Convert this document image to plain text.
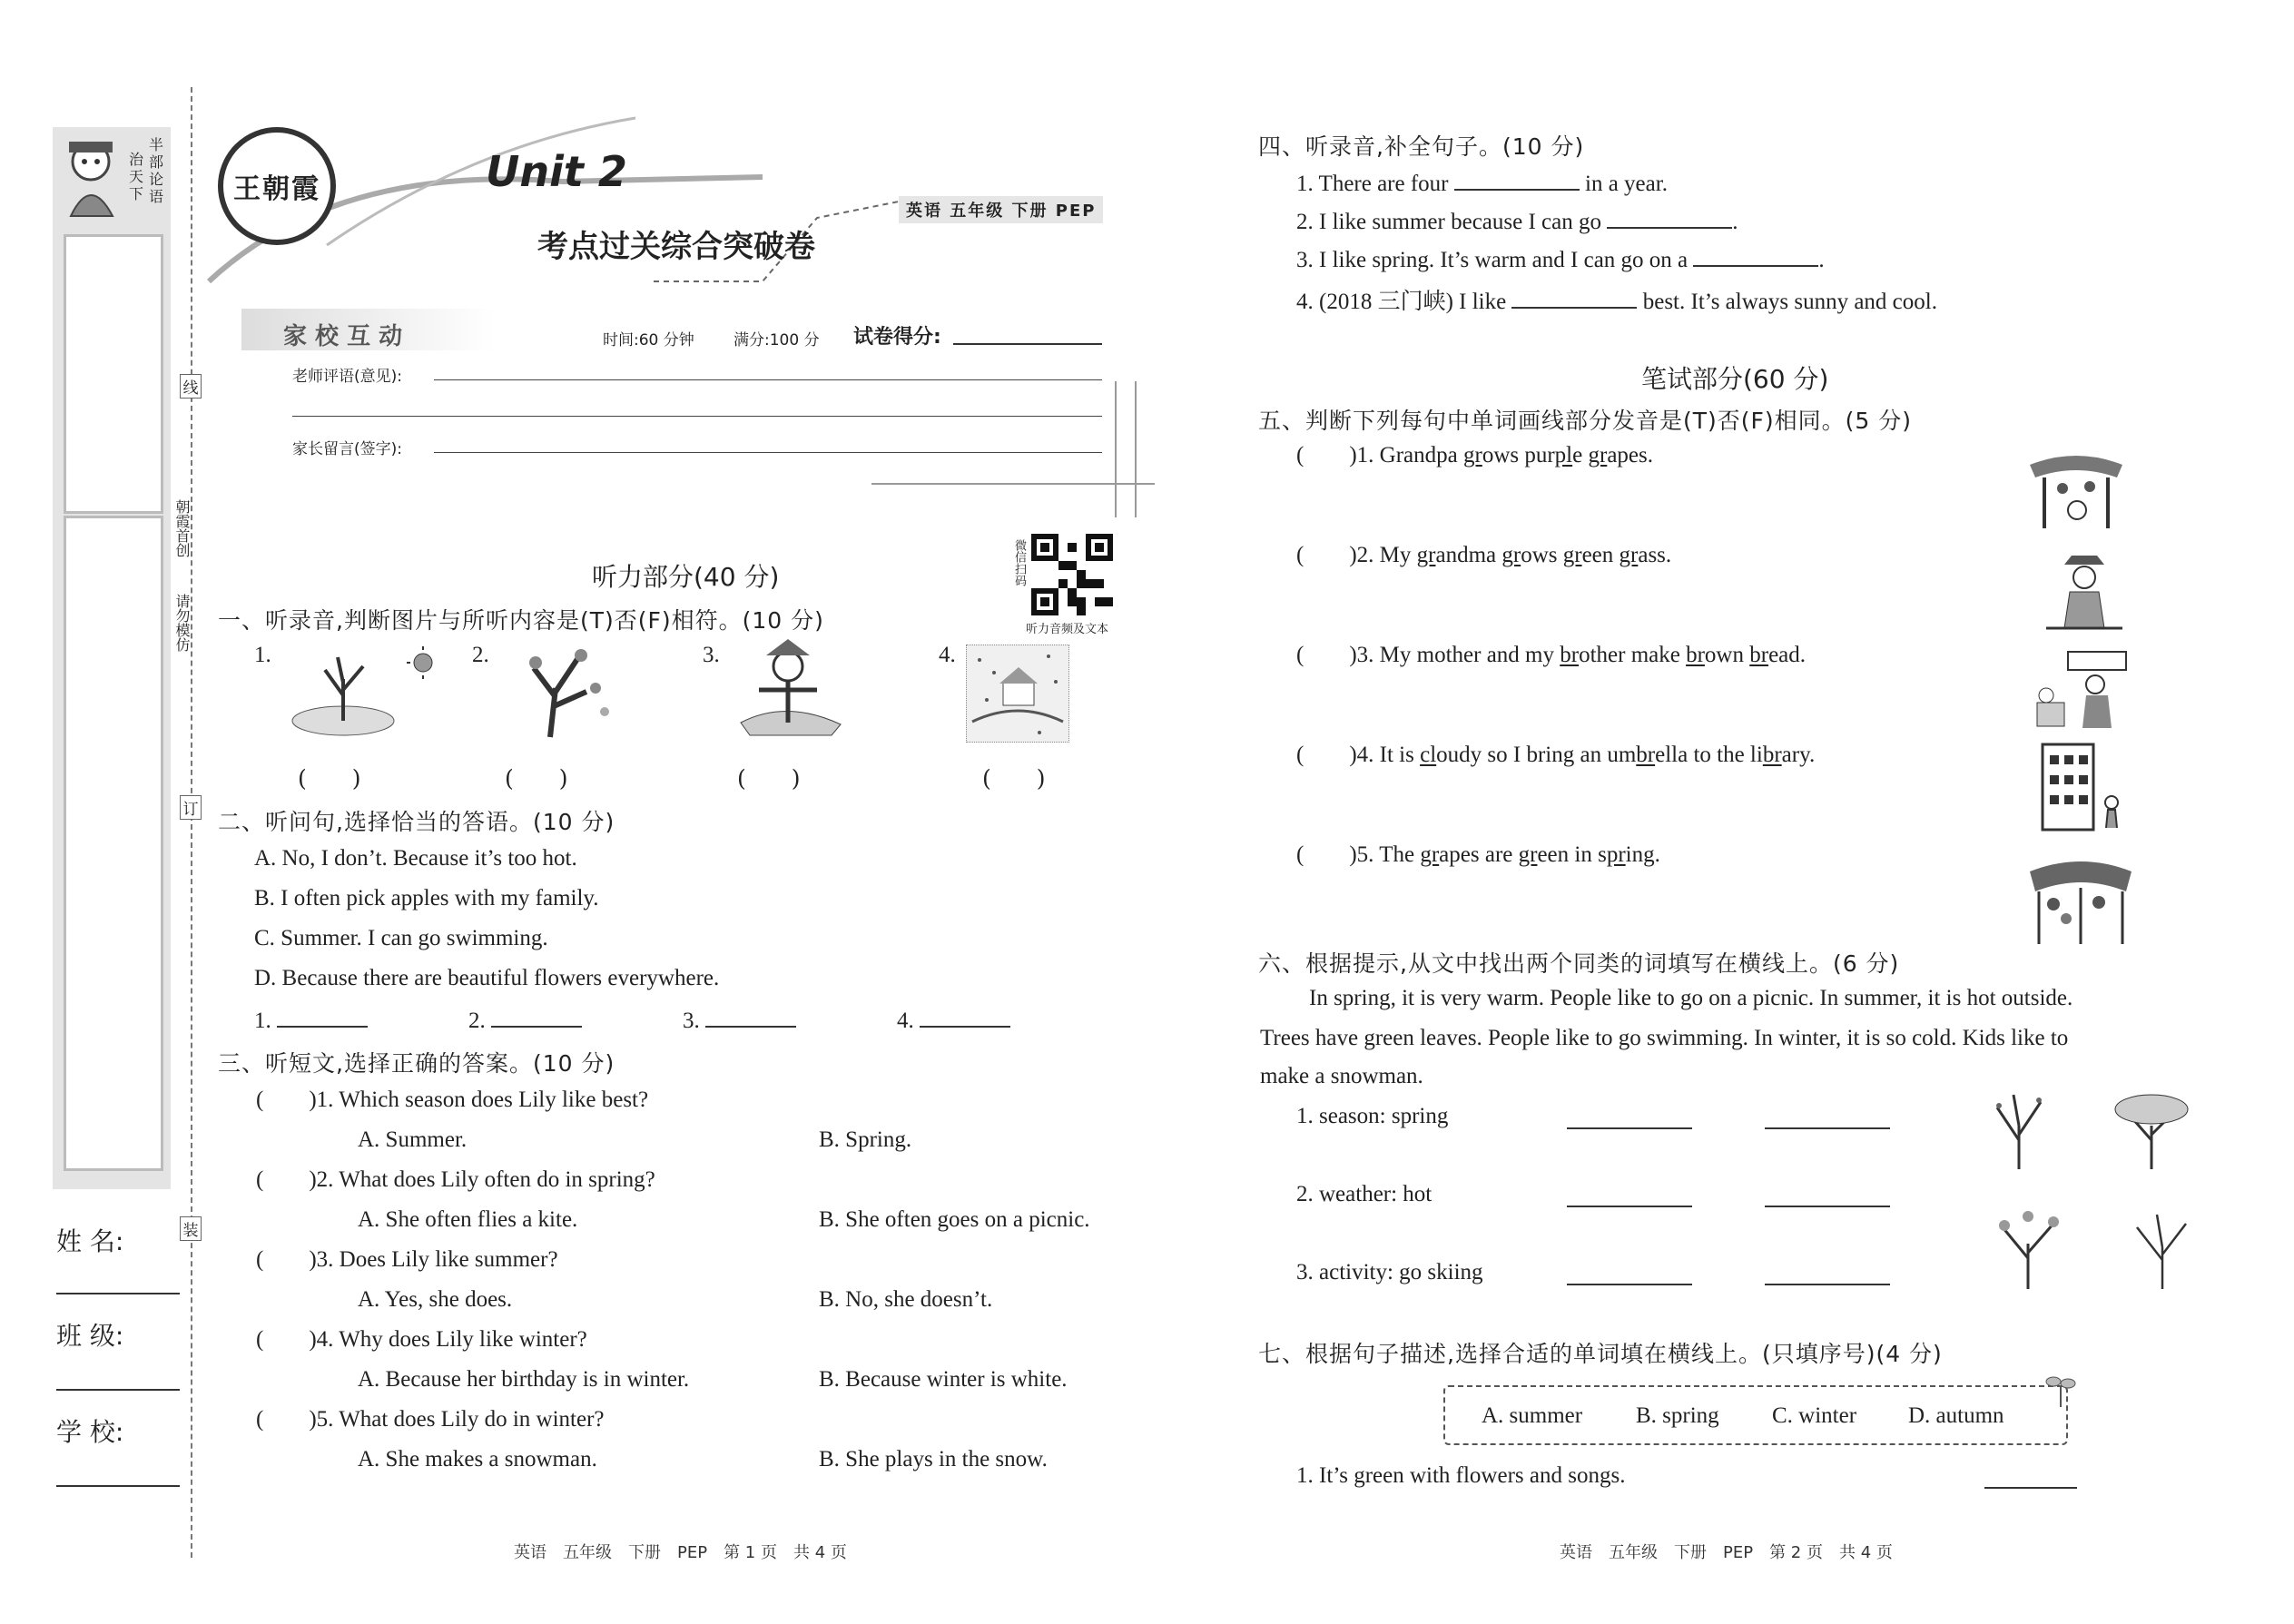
半
部
论
语
治
天
下
姓 名:
班 级:
学 校:
线
订
装
朝霞首创
请勿模仿
王朝霞	Unit 2
考点过关综合突破卷
英语 五年级 下册 PEP
家 校 互 动	时间:60 分钟	满分:100 分 试卷得分:
老师评语(意见):
家长留言(签字):
微信扫码
听力音频及文本
听力部分(40 分)
一、听录音,判断图片与所听内容是(T)否(F)相符。(10 分)
1.	2.	3.	4.
(　　)	(　　)	(　　)	(　　)
二、听问句,选择恰当的答语。(10 分)
A. No, I don’t. Because it’s too hot.
B. I often pick apples with my family.
C. Summer. I can go swimming.
D. Because there are beautiful flowers everywhere.
1.	2.	3.	4.
三、听短文,选择正确的答案。(10 分)
( )1. Which season does Lily like best?
A. Summer.	B. Spring.
( )2. What does Lily often do in spring?
A. She often flies a kite.	B. She often goes on a picnic.
( )3. Does Lily like summer?
A. Yes, she does.	B. No, she doesn’t.
( )4. Why does Lily like winter?
A. Because her birthday is in winter.	B. Because winter is white.
( )5. What does Lily do in winter?
A. She makes a snowman.	B. She plays in the snow.
英语　五年级　下册　PEP　第 1 页　共 4 页
四、听录音,补全句子。(10 分)
1. There are four	in a year.
2. I like summer because I can go	.
3. I like spring. It’s warm and I can go on a	.
4. (2018 三门峡) I like	best. It’s always sunny and cool.
笔试部分(60 分)
五、判断下列每句中单词画线部分发音是(T)否(F)相同。(5 分)
( )1. Grandpa grows purple grapes.
( )2. My grandma grows green grass.
( )3. My mother and my brother make brown bread.
( )4. It is cloudy so I bring an umbrella to the library.
( )5. The grapes are green in spring.
六、根据提示,从文中找出两个同类的词填写在横线上。(6 分)
In spring, it is very warm. People like to go on a picnic. In summer, it is hot outside.
Trees have green leaves. People like to go swimming. In winter, it is so cold. Kids like to
make a snowman.
1. season: spring
2. weather: hot
3. activity: go skiing
七、根据句子描述,选择合适的单词填在横线上。(只填序号)(4 分)
A. summer B. spring C. winter D. autumn
1. It’s green with flowers and songs.
英语　五年级　下册　PEP　第 2 页　共 4 页
